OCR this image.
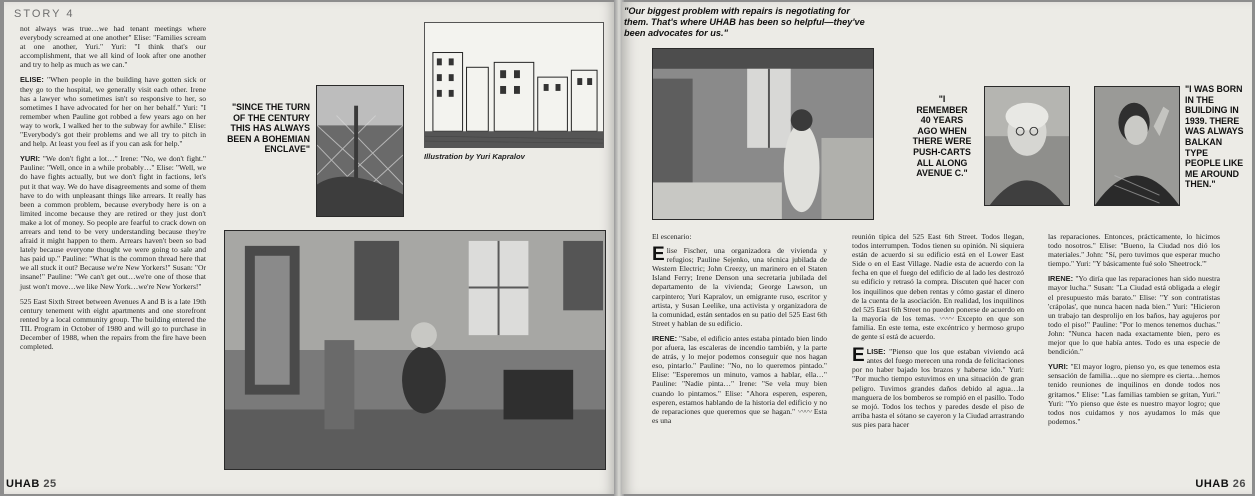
STORY 4

not always was true…we had tenant meetings where everybody screamed at one another" Elise: "Families scream at one another, Yuri." Yuri: "I think that's our accomplishment, that we all kind of look after one another and try to help as much as we can."

ELISE: "When people in the building have gotten sick or they go to the hospital, we generally visit each other. Irene has a lawyer who sometimes isn't so responsive to her, so sometimes I have advocated for her on her behalf." Yuri: "I remember when Pauline got robbed a few years ago on her way to work, I walked her to the subway for awhile." Elise: "Everybody's got their problems and we all try to pitch in and help. At least you feel as if you can ask for help."

YURI: "We don't fight a lot…" Irene: "No, we don't fight." Pauline: "Well, once in a while probably…" Elise: "Well, we do have fights actually, but we don't fight in factions, let's put it that way. We do have disagreements and some of them have to do with unpleasant things like arrears. It really has been a common problem, because everybody here is on a limited income because they are retired or they just don't make a lot of money. So people are fearful to crack down on arrears and tend to be very understanding because they're afraid it might happen to them. Arrears haven't been so bad lately because everyone thought we were going to sale and has paid up." Pauline: "What is the common thread here that we all stuck it out? Because we're New Yorkers!" Susan: "Or insane!" Pauline: "We can't get out…we're one of those that just won't move…we like New York…we're New Yorkers!"

525 East Sixth Street between Avenues A and B is a late 19th century tenement with eight apartments and one storefront rented by a local community group. The building entered the TIL Program in October of 1980 and will go to purchase in December of 1988, when the repairs from the fire have been completed.

"SINCE THE TURN OF THE CENTURY THIS HAS ALWAYS BEEN A BOHEMIAN ENCLAVE"
Illustration by Yuri Kapralov
UHAB 25
"Our biggest problem with repairs is negotiating for them. That's where UHAB has been so helpful—they've been advocates for us."
"I REMEMBER 40 YEARS AGO WHEN THERE WERE PUSH-CARTS ALL ALONG AVENUE C."
"I WAS BORN IN THE BUILDING IN 1939. THERE WAS ALWAYS BALKAN TYPE PEOPLE LIKE ME AROUND THEN."

El escenario:

Elise Fischer, una organizadora de vivienda y refugios; Pauline Sejenko, una técnica jubilada de Western Electric; John Creezy, un marinero en el Staten Island Ferry; Irene Denson una secretaria jubilada del departamento de la vivienda; George Lawson, un carpintero; Yuri Kapralov, un emigrante ruso, escritor y artista, y Susan Leelike, una activista y organizadora de la comunidad, están sentados en su patio del 525 East 6th Street y hablan de su edificio.

IRENE: "Sabe, el edificio antes estaba pintado bien lindo por afuera, las escaleras de incendio también, y la parte de atrás, y lo mejor podemos conseguir que nos hagan eso, pintarlo." Pauline: "No, no lo queremos pintado." Elise: "Esperemos un minuto, vamos a hablar, ella…" Pauline: "Nadie pinta…" Irene: "Se vela muy bien cuando lo pintamos." Elise: "Ahora esperen, esperen, esperen, estamos hablando de la historia del edificio y no de reparaciones que queremos que se hagan." 〰〰 Esta es una

reunión típica del 525 East 6th Street. Todos llegan, todos interrumpen. Todos tienen su opinión. Ni siquiera están de acuerdo si su edificio está en el Lower East Side o en el East Village. Nadie esta de acuerdo con la fecha en que el fuego del edificio de al lado les destrozó su edificio y retrasó la compra. Discuten qué hacer con los inquilinos que deben rentas y cómo gastar el dinero de la cuenta de la asociación. En realidad, los inquilinos del 525 East 6th Street no pueden ponerse de acuerdo en la mayoría de los temas. 〰〰 Excepto en que son familia. En este tema, este excéntrico y hermoso grupo de gente sí está de acuerdo.

ELISE: "Pienso que los que estaban viviendo acá antes del fuego merecen una ronda de felicitaciones por no haber bajado los brazos y haberse ido." Yuri: "Por mucho tiempo estuvimos en una situación de gran peligro. Tuvimos grandes daños debido al agua…la manguera de los bomberos se rompió en el pasillo. Todo se mojó. Todos los techos y paredes desde el piso de arriba hasta el sótano se cayeron y la Ciudad arrastrando sus pies para hacer

las reparaciones. Entonces, prácticamente, lo hicimos todo nosotros." Elise: "Bueno, la Ciudad nos dió los materiales." John: "Sí, pero tuvimos que esperar mucho tiempo." Yuri: "Y básicamente fué solo 'Sheetrock.'"

IRENE: "Yo diría que las reparaciones han sido nuestra mayor lucha." Susan: "La Ciudad está obligada a elegir el presupuesto más barato." Elise: "Y son contratistas 'crápolas', que nunca hacen nada bien." Yuri: "Hicieron un trabajo tan desprolijo en los baños, hay agujeros por todo el piso!" Pauline: "Por lo menos tenemos duchas." John: "Nunca hacen nada exactamente bien, pero es mejor que lo que había antes. Todo es una especie de bendición."

YURI: "El mayor logro, pienso yo, es que tenemos esta sensación de familia…que no siempre es cierta…hemos tenido reuniones de inquilinos en donde todos nos gritamos." Elise: "Las familias tambien se gritan, Yuri." Yuri: "Yo pienso que éste es nuestro mayor logro; que todos nos cuidamos y nos ayudamos lo más que podemos."

UHAB 26
